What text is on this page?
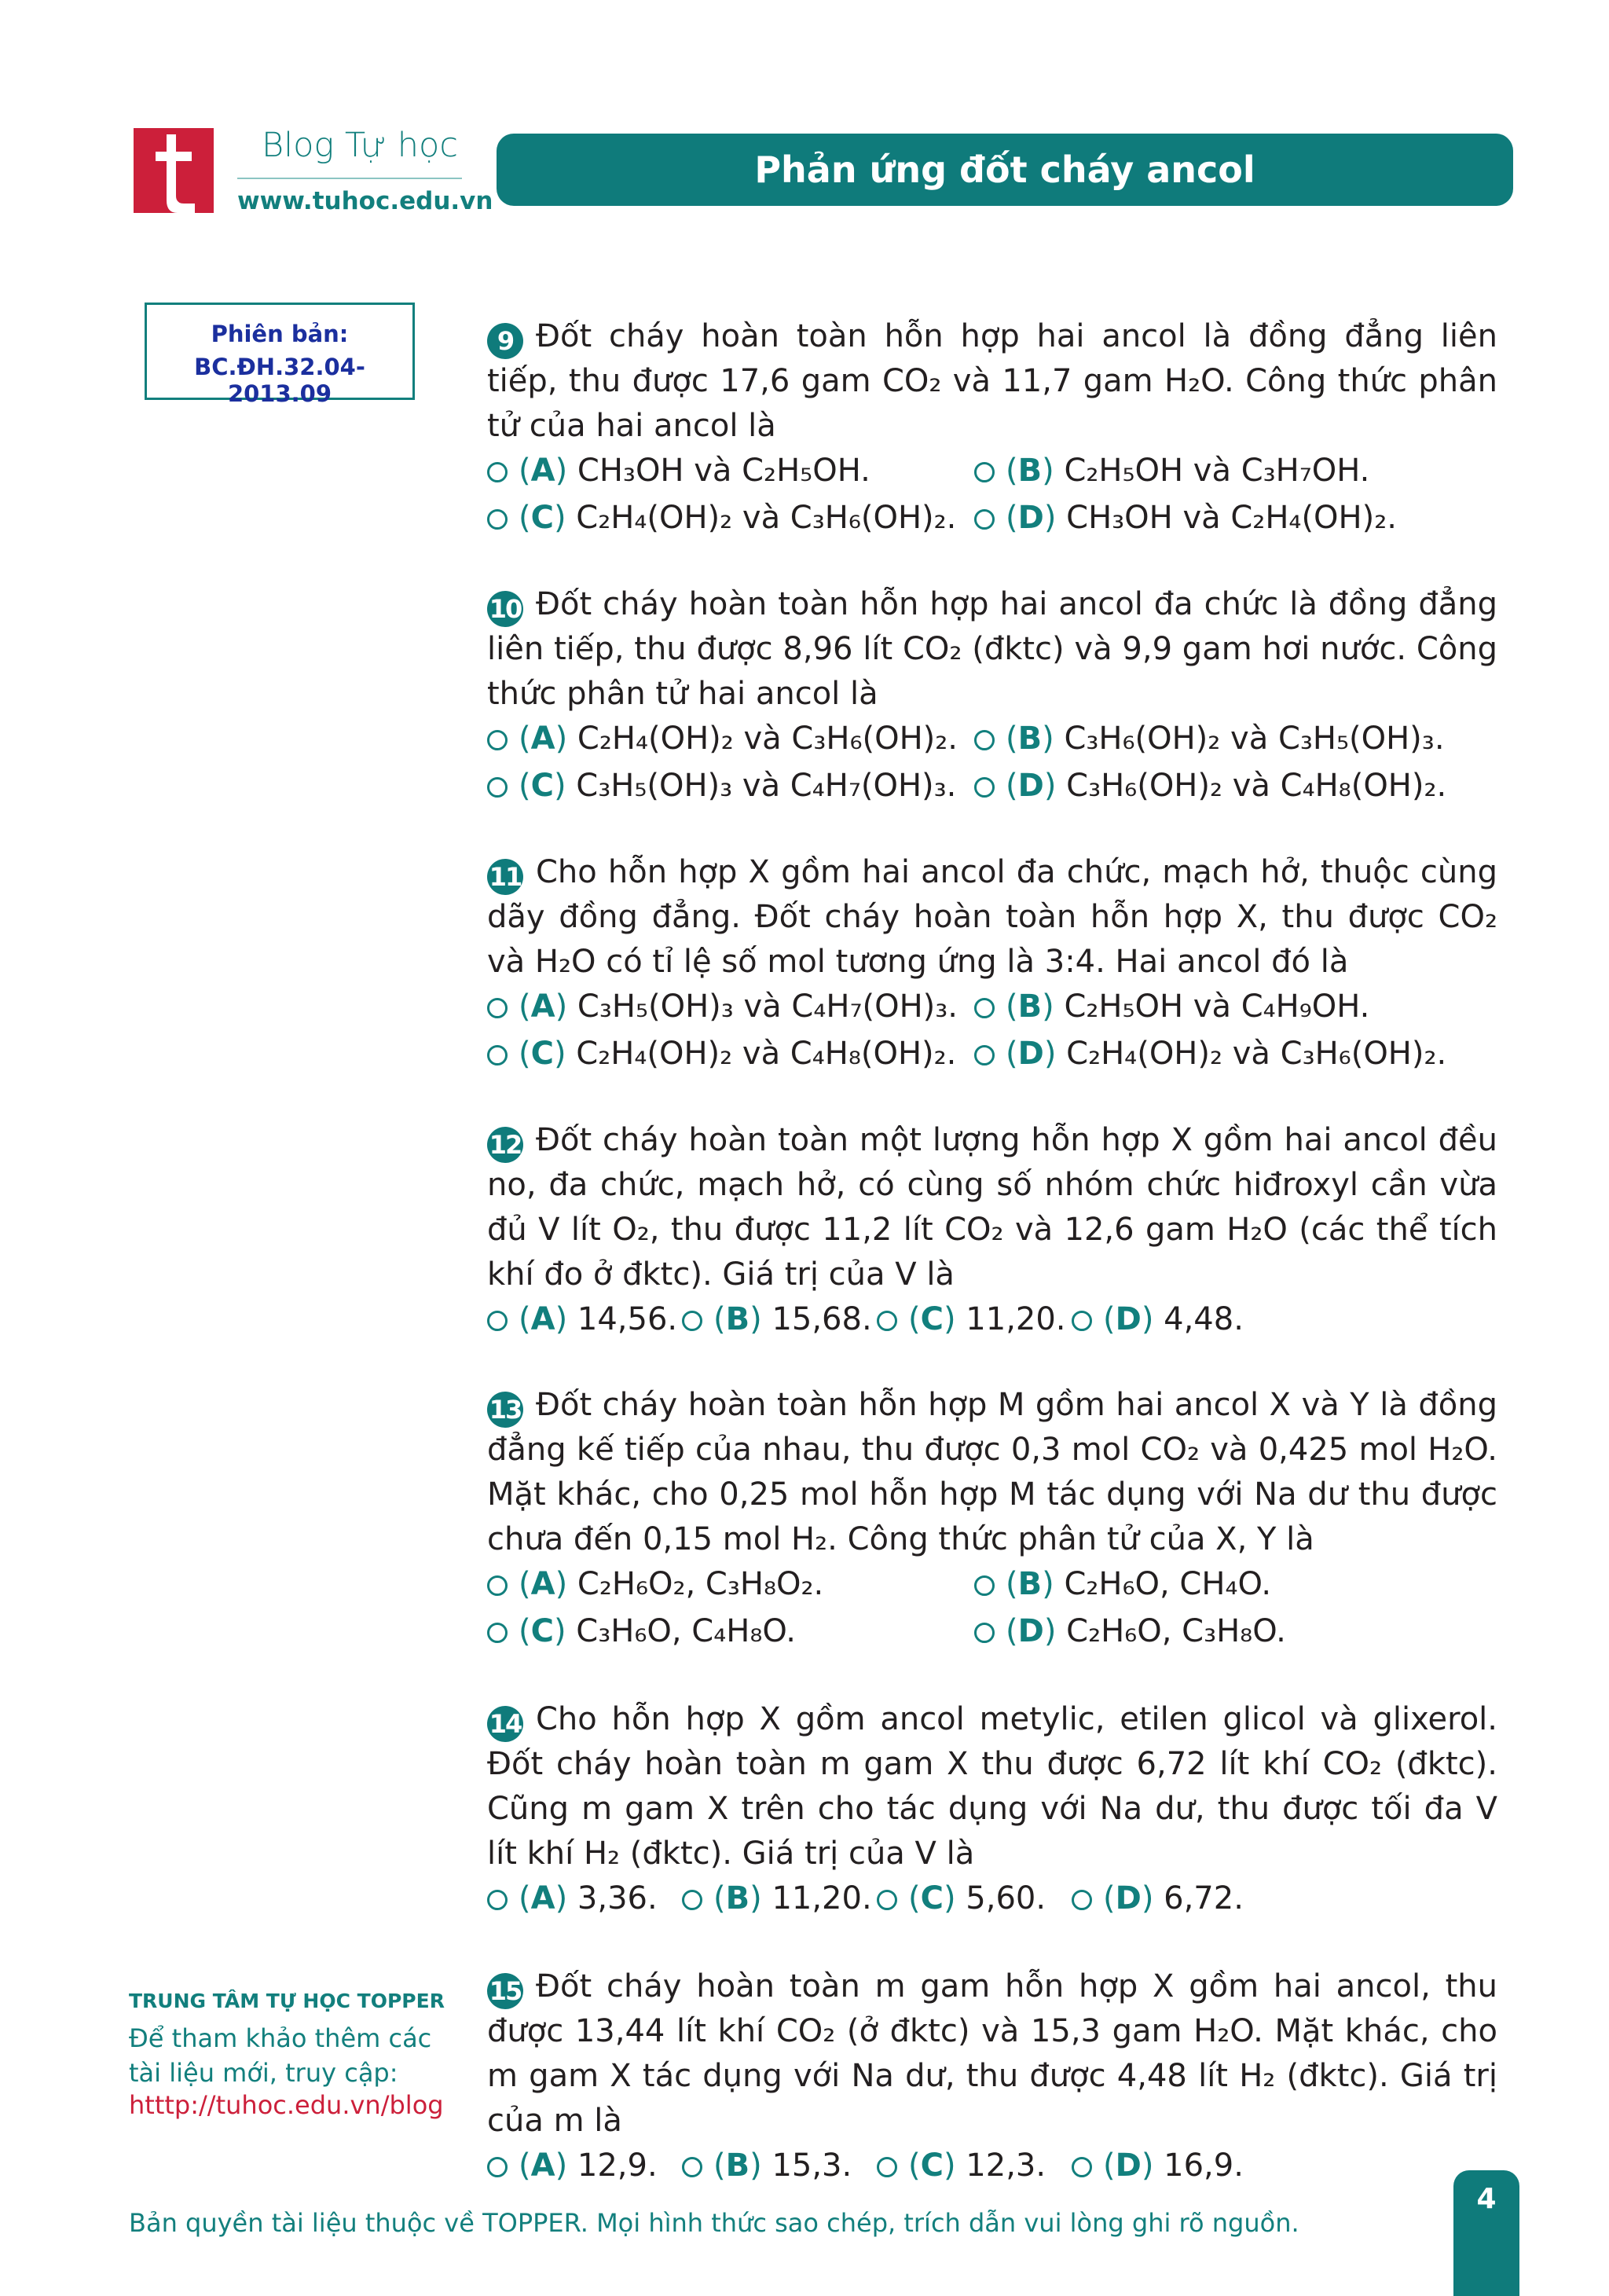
Blog Tự học
www.tuhoc.edu.vn
Phản ứng đốt cháy ancol
Phiên bản:
BC.ĐH.32.04-2013.09
9 Đốt cháy hoàn toàn hỗn hợp hai ancol là đồng đẳng liên tiếp, thu được 17,6 gam CO₂ và 11,7 gam H₂O. Công thức phân tử của hai ancol là
(A) CH₃OH và C₂H₅OH.	(B) C₂H₅OH và C₃H₇OH.
(C) C₂H₄(OH)₂ và C₃H₆(OH)₂.	(D) CH₃OH và C₂H₄(OH)₂.
10 Đốt cháy hoàn toàn hỗn hợp hai ancol đa chức là đồng đẳng liên tiếp, thu được 8,96 lít CO₂ (đktc) và 9,9 gam hơi nước. Công thức phân tử hai ancol là
(A) C₂H₄(OH)₂ và C₃H₆(OH)₂.	(B) C₃H₆(OH)₂ và C₃H₅(OH)₃.
(C) C₃H₅(OH)₃ và C₄H₇(OH)₃.	(D) C₃H₆(OH)₂ và C₄H₈(OH)₂.
11 Cho hỗn hợp X gồm hai ancol đa chức, mạch hở, thuộc cùng dãy đồng đẳng. Đốt cháy hoàn toàn hỗn hợp X, thu được CO₂ và H₂O có tỉ lệ số mol tương ứng là 3:4. Hai ancol đó là
(A) C₃H₅(OH)₃ và C₄H₇(OH)₃.	(B) C₂H₅OH và C₄H₉OH.
(C) C₂H₄(OH)₂ và C₄H₈(OH)₂.	(D) C₂H₄(OH)₂ và C₃H₆(OH)₂.
12 Đốt cháy hoàn toàn một lượng hỗn hợp X gồm hai ancol đều no, đa chức, mạch hở, có cùng số nhóm chức hiđroxyl cần vừa đủ V lít O₂, thu được 11,2 lít CO₂ và 12,6 gam H₂O (các thể tích khí đo ở đktc). Giá trị của V là
(A) 14,56.	(B) 15,68.	(C) 11,20.	(D) 4,48.
13 Đốt cháy hoàn toàn hỗn hợp M gồm hai ancol X và Y là đồng đẳng kế tiếp của nhau, thu được 0,3 mol CO₂ và 0,425 mol H₂O. Mặt khác, cho 0,25 mol hỗn hợp M tác dụng với Na dư thu được chưa đến 0,15 mol H₂. Công thức phân tử của X, Y là
(A) C₂H₆O₂, C₃H₈O₂.	(B) C₂H₆O, CH₄O.
(C) C₃H₆O, C₄H₈O.	(D) C₂H₆O, C₃H₈O.
14 Cho hỗn hợp X gồm ancol metylic, etilen glicol và glixerol. Đốt cháy hoàn toàn m gam X thu được 6,72 lít khí CO₂ (đktc). Cũng m gam X trên cho tác dụng với Na dư, thu được tối đa V lít khí H₂ (đktc). Giá trị của V là
(A) 3,36.	(B) 11,20.	(C) 5,60.	(D) 6,72.
15 Đốt cháy hoàn toàn m gam hỗn hợp X gồm hai ancol, thu được 13,44 lít khí CO₂ (ở đktc) và 15,3 gam H₂O. Mặt khác, cho m gam X tác dụng với Na dư, thu được 4,48 lít H₂ (đktc). Giá trị của m là
(A) 12,9.	(B) 15,3.	(C) 12,3.	(D) 16,9.
TRUNG TÂM TỰ HỌC TOPPER
Để tham khảo thêm các tài liệu mới, truy cập:
htttp://tuhoc.edu.vn/blog
Bản quyền tài liệu thuộc về TOPPER. Mọi hình thức sao chép, trích dẫn vui lòng ghi rõ nguồn.
4
